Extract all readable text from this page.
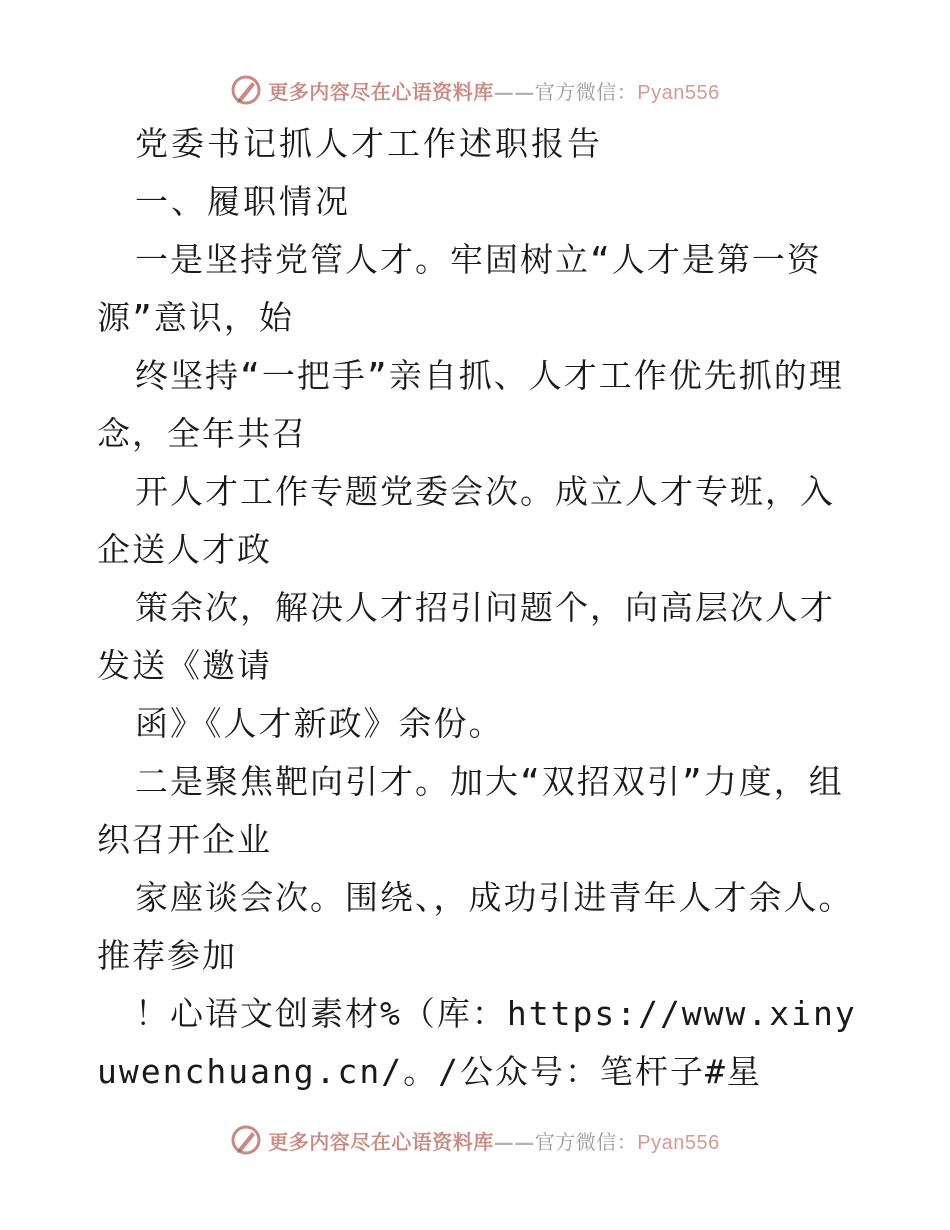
更多内容尽在心语资料库——官方微信：Pyan556

党委书记抓人才工作述职报告

一、履职情况

一是坚持党管人才。牢固树立“人才是第一资源”意识，始

终坚持“一把手”亲自抓、人才工作优先抓的理念，全年共召

开人才工作专题党委会次。成立人才专班，入企送人才政

策余次，解决人才招引问题个，向高层次人才发送《邀请

函》《人才新政》余份。

二是聚焦靶向引才。加大“双招双引”力度，组织召开企业

家座谈会次。围绕、，成功引进青年人才余人。推荐参加

！心语文创素材%（库：https://www.xinyuwenchuang.cn/。/公众号：笔杆子#星

更多内容尽在心语资料库——官方微信：Pyan556
